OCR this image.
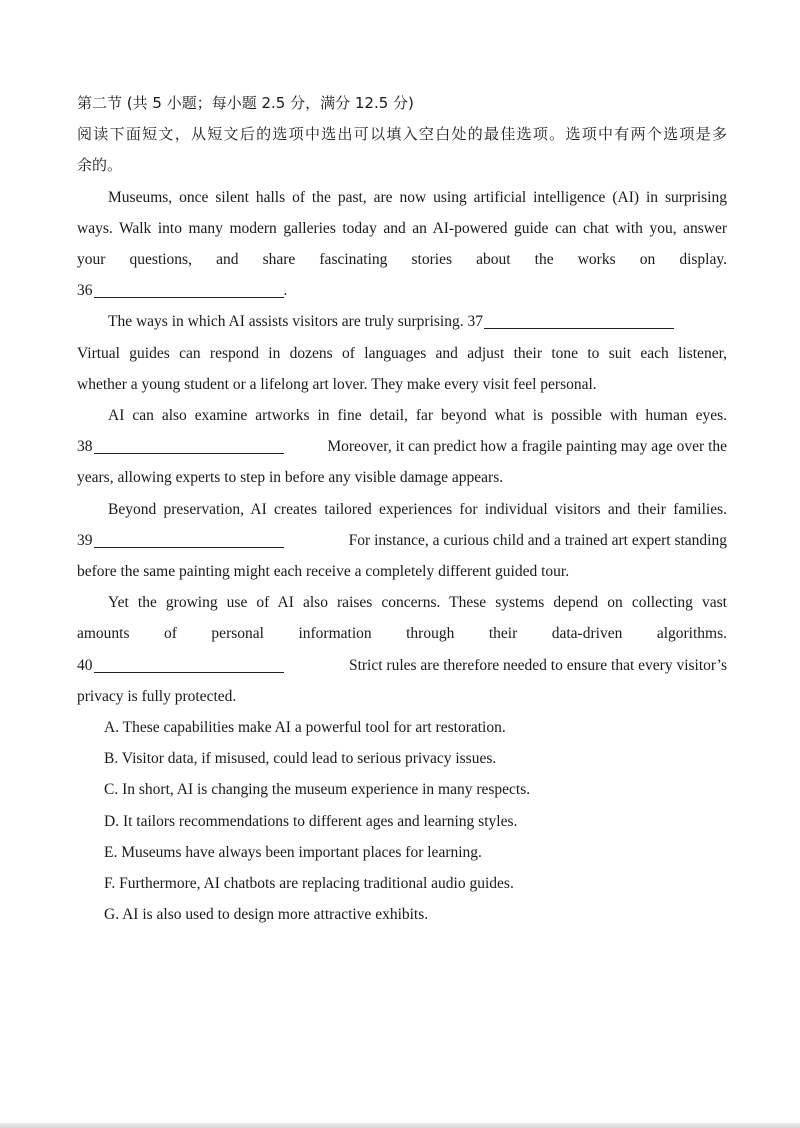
第二节 (共 5 小题；每小题 2.5 分，满分 12.5 分)
阅读下面短文，从短文后的选项中选出可以填入空白处的最佳选项。选项中有两个选项是多
余的。
Museums, once silent halls of the past, are now using artificial intelligence (AI) in surprising
ways. Walk into many modern galleries today and an AI-powered guide can chat with you, answer
your questions, and share fascinating stories about the works on display.
36	.
The ways in which AI assists visitors are truly surprising. 37
Virtual guides can respond in dozens of languages and adjust their tone to suit each listener,
whether a young student or a lifelong art lover. They make every visit feel personal.
AI can also examine artworks in fine detail, far beyond what is possible with human eyes.
38	Moreover, it can predict how a fragile painting may age over the
years, allowing experts to step in before any visible damage appears.
Beyond preservation, AI creates tailored experiences for individual visitors and their families.
39	For instance, a curious child and a trained art expert standing
before the same painting might each receive a completely different guided tour.
Yet the growing use of AI also raises concerns. These systems depend on collecting vast
amounts of personal information through their data-driven algorithms.
40	Strict rules are therefore needed to ensure that every visitor’s
privacy is fully protected.
A. These capabilities make AI a powerful tool for art restoration.
B. Visitor data, if misused, could lead to serious privacy issues.
C. In short, AI is changing the museum experience in many respects.
D. It tailors recommendations to different ages and learning styles.
E. Museums have always been important places for learning.
F. Furthermore, AI chatbots are replacing traditional audio guides.
G. AI is also used to design more attractive exhibits.
